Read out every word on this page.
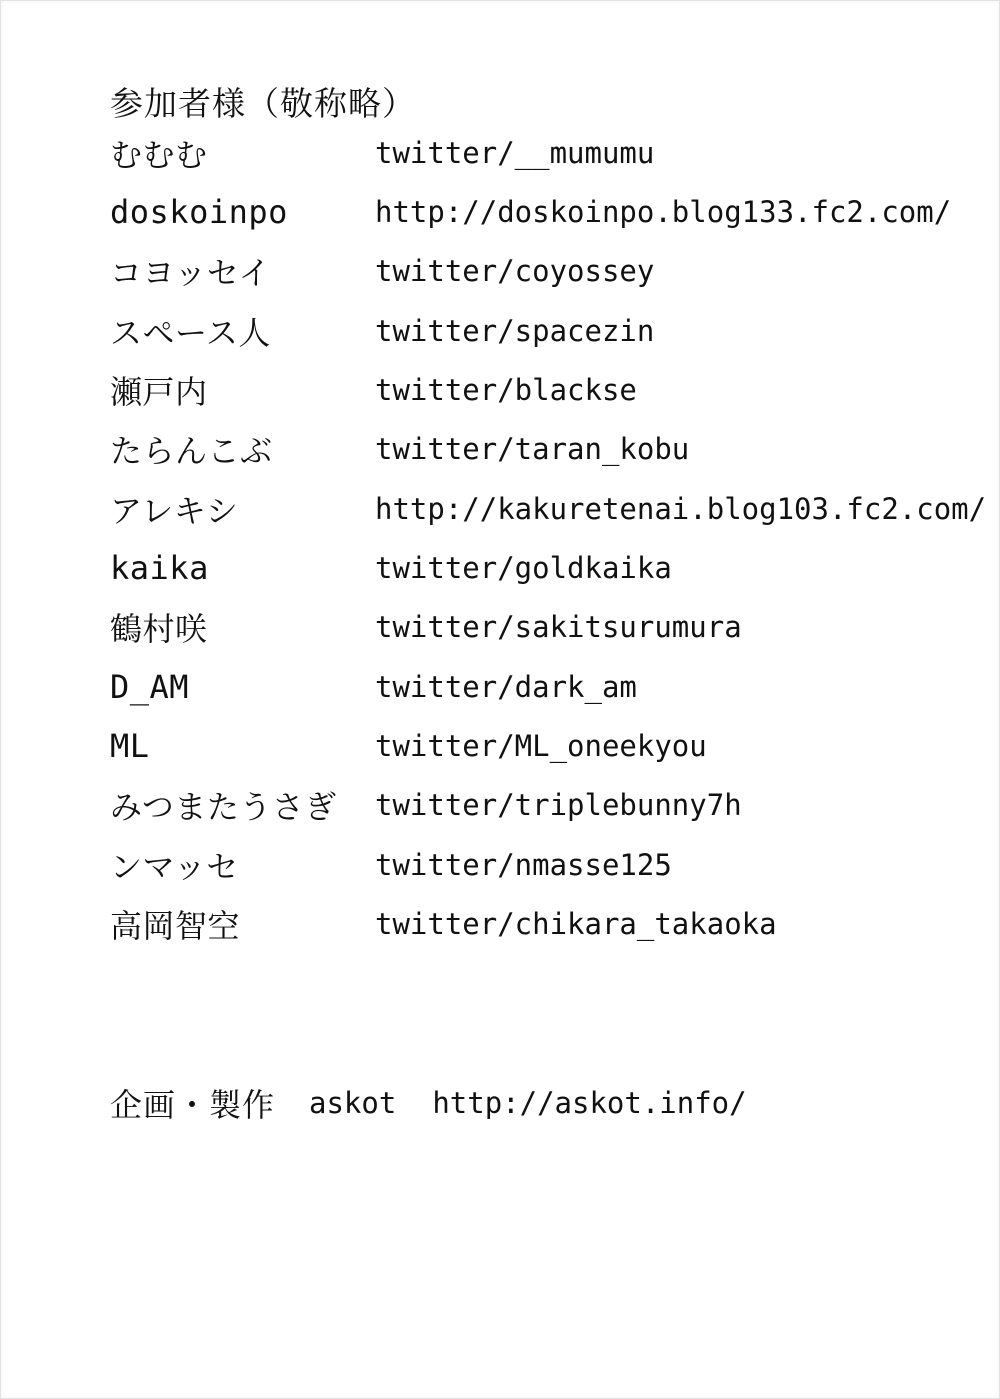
参加者様（敬称略）
むむむ	twitter/__mumumu
doskoinpo	http://doskoinpo.blog133.fc2.com/
コヨッセイ	twitter/coyossey
スペース人	twitter/spacezin
瀬戸内	twitter/blackse
たらんこぶ	twitter/taran_kobu
アレキシ	http://kakuretenai.blog103.fc2.com/
kaika	twitter/goldkaika
鶴村咲	twitter/sakitsurumura
D_AM	twitter/dark_am
ML	twitter/ML_oneekyou
みつまたうさぎ	twitter/triplebunny7h
ンマッセ	twitter/nmasse125
高岡智空	twitter/chikara_takaoka
企画・製作 askot http://askot.info/
